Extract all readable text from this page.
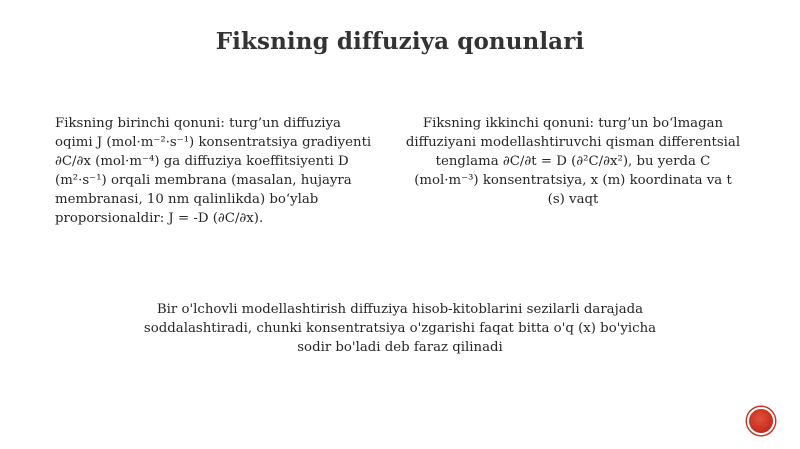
Fiksning diffuziya qonunlari
Fiksning birinchi qonuni: turg’un diffuziya oqimi J (mol·m⁻²·s⁻¹) konsentratsiya gradiyenti ∂C/∂x (mol·m⁻⁴) ga diffuziya koeffitsiyenti D (m²·s⁻¹) orqali membrana (masalan, hujayra membranasi, 10 nm qalinlikda) bo‘ylab proporsionaldir: J = -D (∂C/∂x).
Fiksning ikkinchi qonuni: turg’un bo‘lmagan diffuziyani modellashtiruvchi qisman differentsial tenglama ∂C/∂t = D (∂²C/∂x²), bu yerda C (mol·m⁻³) konsentratsiya, x (m) koordinata va t (s) vaqt
Bir o'lchovli modellashtirish diffuziya hisob-kitoblarini sezilarli darajada soddalashtiradi, chunki konsentratsiya o'zgarishi faqat bitta o'q (x) bo'yicha sodir bo'ladi deb faraz qilinadi
